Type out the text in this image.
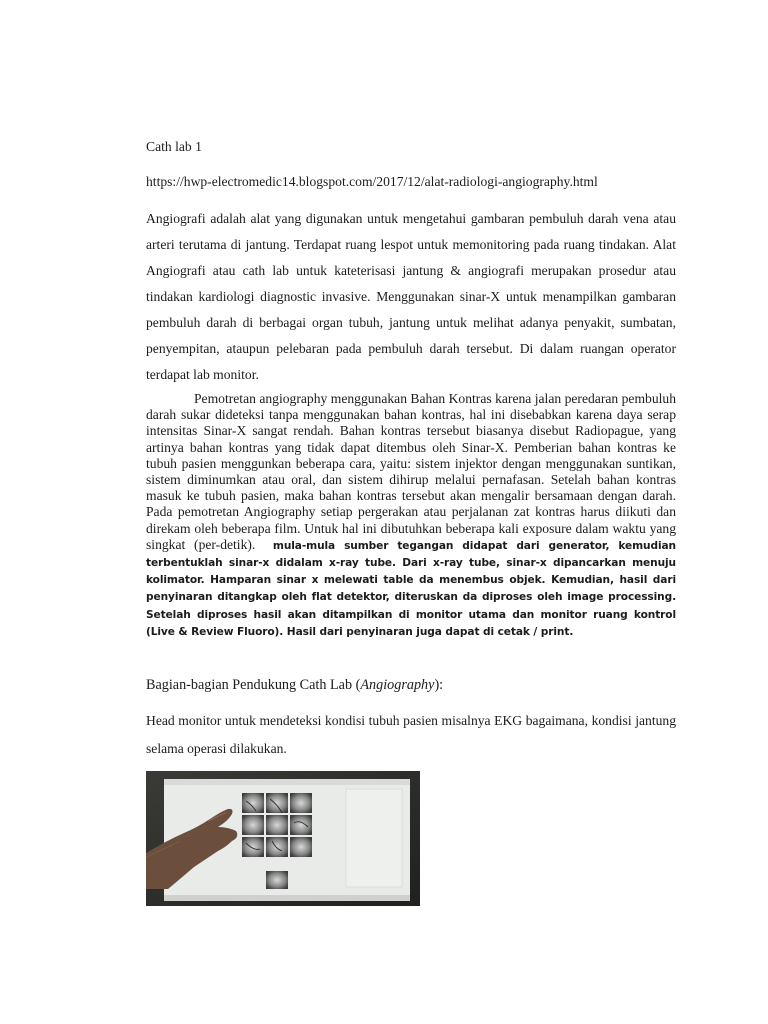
Cath lab 1
https://hwp-electromedic14.blogspot.com/2017/12/alat-radiologi-angiography.html
Angiografi adalah alat yang digunakan untuk mengetahui gambaran pembuluh darah vena atau arteri terutama di jantung. Terdapat ruang lespot untuk memonitoring pada ruang tindakan. Alat Angiografi atau cath lab untuk kateterisasi jantung & angiografi merupakan prosedur atau tindakan kardiologi diagnostic invasive. Menggunakan sinar-X untuk menampilkan gambaran pembuluh darah di berbagai organ tubuh, jantung untuk melihat adanya penyakit, sumbatan, penyempitan, ataupun pelebaran pada pembuluh darah tersebut. Di dalam ruangan operator terdapat lab monitor.
Pemotretan angiography menggunakan Bahan Kontras karena jalan peredaran pembuluh darah sukar dideteksi tanpa menggunakan bahan kontras, hal ini disebabkan karena daya serap intensitas Sinar-X sangat rendah. Bahan kontras tersebut biasanya disebut Radiopague, yang artinya bahan kontras yang tidak dapat ditembus oleh Sinar-X. Pemberian bahan kontras ke tubuh pasien menggunkan beberapa cara, yaitu: sistem injektor dengan menggunakan suntikan, sistem diminumkan atau oral, dan sistem dihirup melalui pernafasan. Setelah bahan kontras masuk ke tubuh pasien, maka bahan kontras tersebut akan mengalir bersamaan dengan darah. Pada pemotretan Angiography setiap pergerakan atau perjalanan zat kontras harus diikuti dan direkam oleh beberapa film. Untuk hal ini dibutuhkan beberapa kali exposure dalam waktu yang singkat (per-detik). mula-mula sumber tegangan didapat dari generator, kemudian terbentuklah sinar-x didalam x-ray tube. Dari x-ray tube, sinar-x dipancarkan menuju kolimator. Hamparan sinar x melewati table da menembus objek. Kemudian, hasil dari penyinaran ditangkap oleh flat detektor, diteruskan da diproses oleh image processing. Setelah diproses hasil akan ditampilkan di monitor utama dan monitor ruang kontrol (Live & Review Fluoro). Hasil dari penyinaran juga dapat di cetak / print.
Bagian-bagian Pendukung Cath Lab (Angiography):
Head monitor untuk mendeteksi kondisi tubuh pasien misalnya EKG bagaimana, kondisi jantung selama operasi dilakukan.
